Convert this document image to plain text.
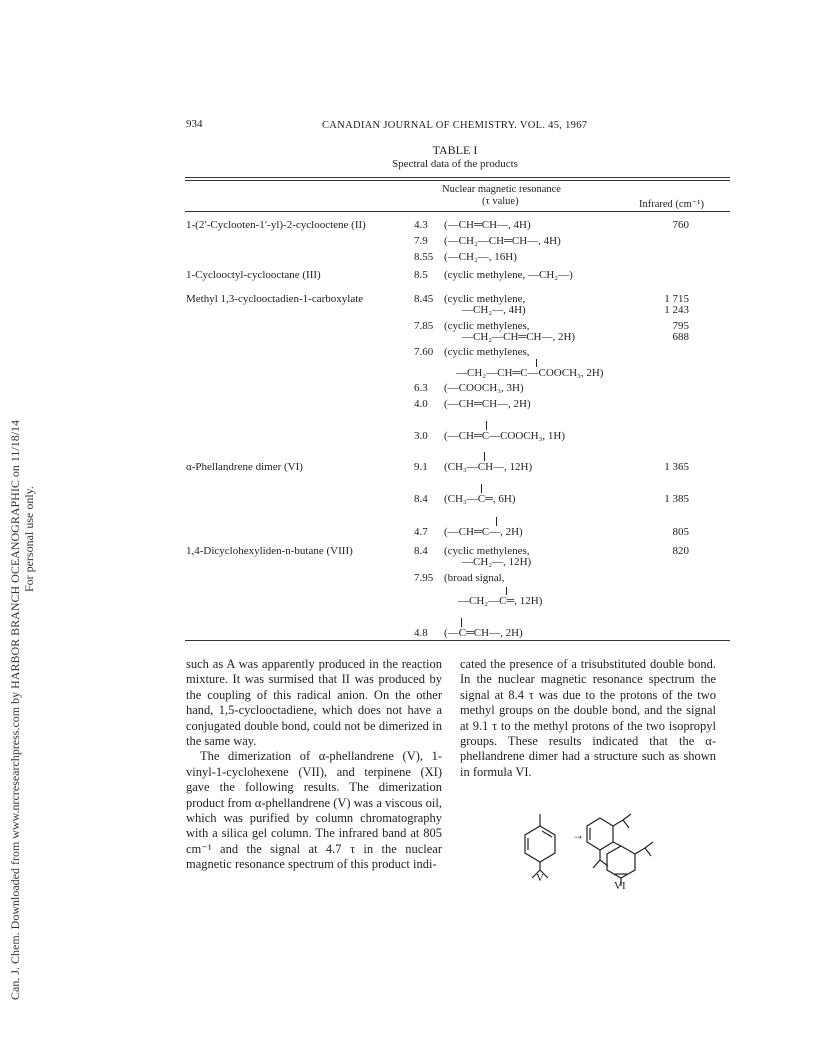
Can. J. Chem. Downloaded from www.nrcresearchpress.com by HARBOR BRANCH OCEANOGRAPHIC on 11/18/14 For personal use only.
934	CANADIAN JOURNAL OF CHEMISTRY. VOL. 45, 1967
TABLE I
Spectral data of the products
Nuclear magnetic resonance
(τ value)	Infrared (cm⁻¹)
1-(2′-Cyclooten-1′-yl)-2-cyclooctene (II)
1-Cyclooctyl-cyclooctane (III)
Methyl 1,3-cyclooctadien-1-carboxylate
α-Phellandrene dimer (VI)
1,4-Dicyclohexyliden-n-butane (VIII)
4.3
7.9
8.55
8.5
8.45
7.85
7.60
6.3
4.0
3.0
9.1
8.4
4.7
8.4
7.95
4.8
(—CH═CH—, 4H)
(—CH₂—CH═CH—, 4H)
(—CH₂—, 16H)
(cyclic methylene, —CH₂—)
(cyclic methylene,
—CH₂—, 4H)
(cyclic methylenes,
—CH₂—CH═CH—, 2H)
(cyclic methylenes,
—CH₂—CH═C—COOCH₃, 2H)
(—COOCH₃, 3H)
(—CH═CH—, 2H)
(—CH═C—COOCH₃, 1H)
(CH₃—CH—, 12H)
(CH₃—C═, 6H)
(—CH═C—, 2H)
(cyclic methylenes,
—CH₂—, 12H)
(broad signal,
—CH₂—C═, 12H)
(—C═CH—, 2H)
760
1 715
1 243
795
688
1 365
1 385
805
820

such as A was apparently produced in the reaction mixture. It was surmised that II was produced by the coupling of this radical anion. On the other hand, 1,5-cyclooctadiene, which does not have a conjugated double bond, could not be dimerized in the same way.

The dimerization of α-phellandrene (V), 1-vinyl-1-cyclohexene (VII), and terpinene (XI) gave the following results. The dimerization product from α-phellandrene (V) was a viscous oil, which was purified by column chromatography with a silica gel column. The infrared band at 805 cm⁻¹ and the signal at 4.7 τ in the nuclear magnetic resonance spectrum of this product indi-

cated the presence of a trisubstituted double bond. In the nuclear magnetic resonance spectrum the signal at 8.4 τ was due to the protons of the two methyl groups on the double bond, and the signal at 9.1 τ to the methyl protons of the two isopropyl groups. These results indicated that the α-phellandrene dimer had a structure such as shown in formula VI.

→
V
VI
